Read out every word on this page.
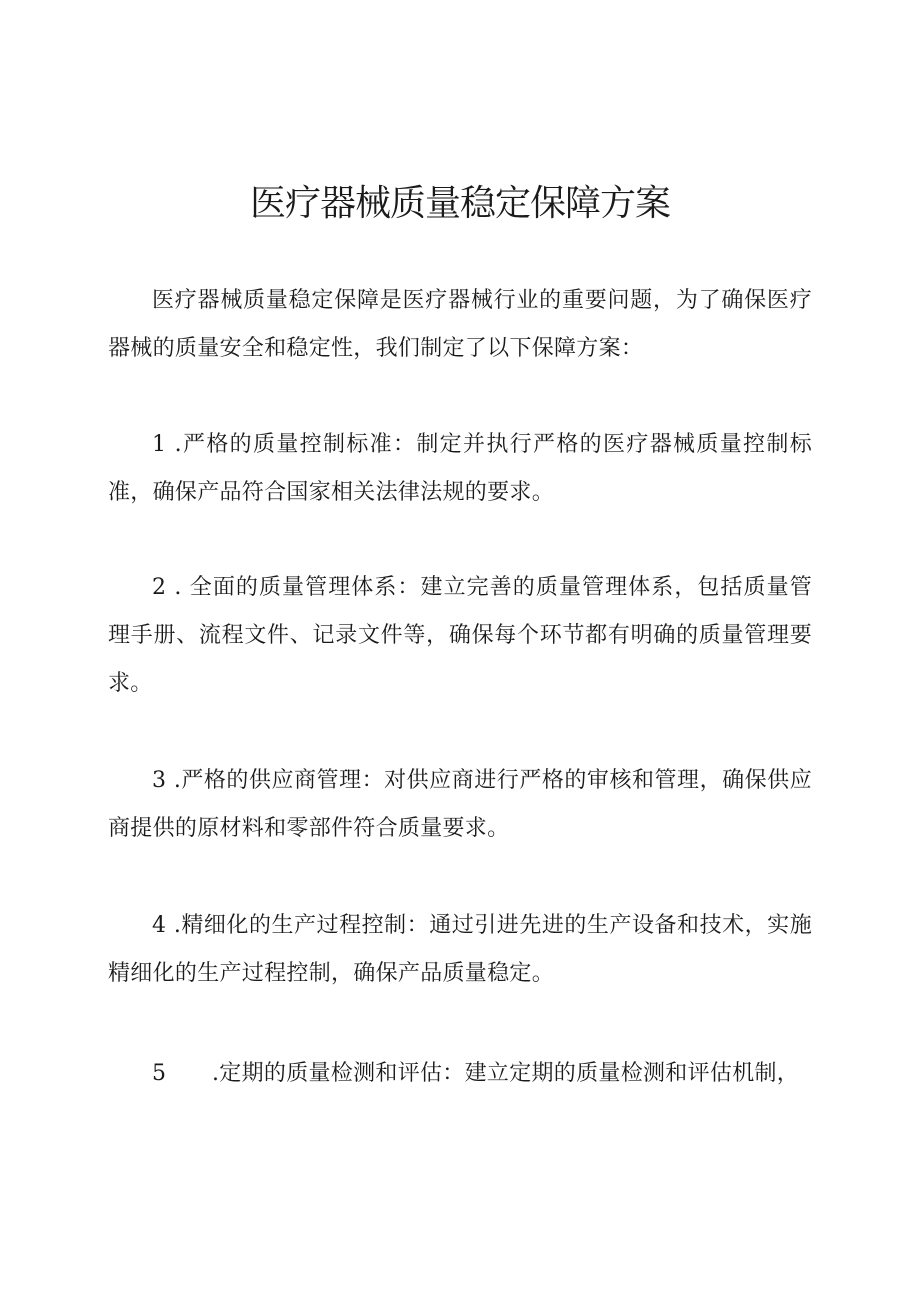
医疗器械质量稳定保障方案

医疗器械质量稳定保障是医疗器械行业的重要问题，为了确保医疗器械的质量安全和稳定性，我们制定了以下保障方案：

1 .严格的质量控制标准：制定并执行严格的医疗器械质量控制标准，确保产品符合国家相关法律法规的要求。

2 . 全面的质量管理体系：建立完善的质量管理体系，包括质量管理手册、流程文件、记录文件等，确保每个环节都有明确的质量管理要求。

3 .严格的供应商管理：对供应商进行严格的审核和管理，确保供应商提供的原材料和零部件符合质量要求。

4 .精细化的生产过程控制：通过引进先进的生产设备和技术，实施精细化的生产过程控制，确保产品质量稳定。

5 .定期的质量检测和评估：建立定期的质量检测和评估机制，
